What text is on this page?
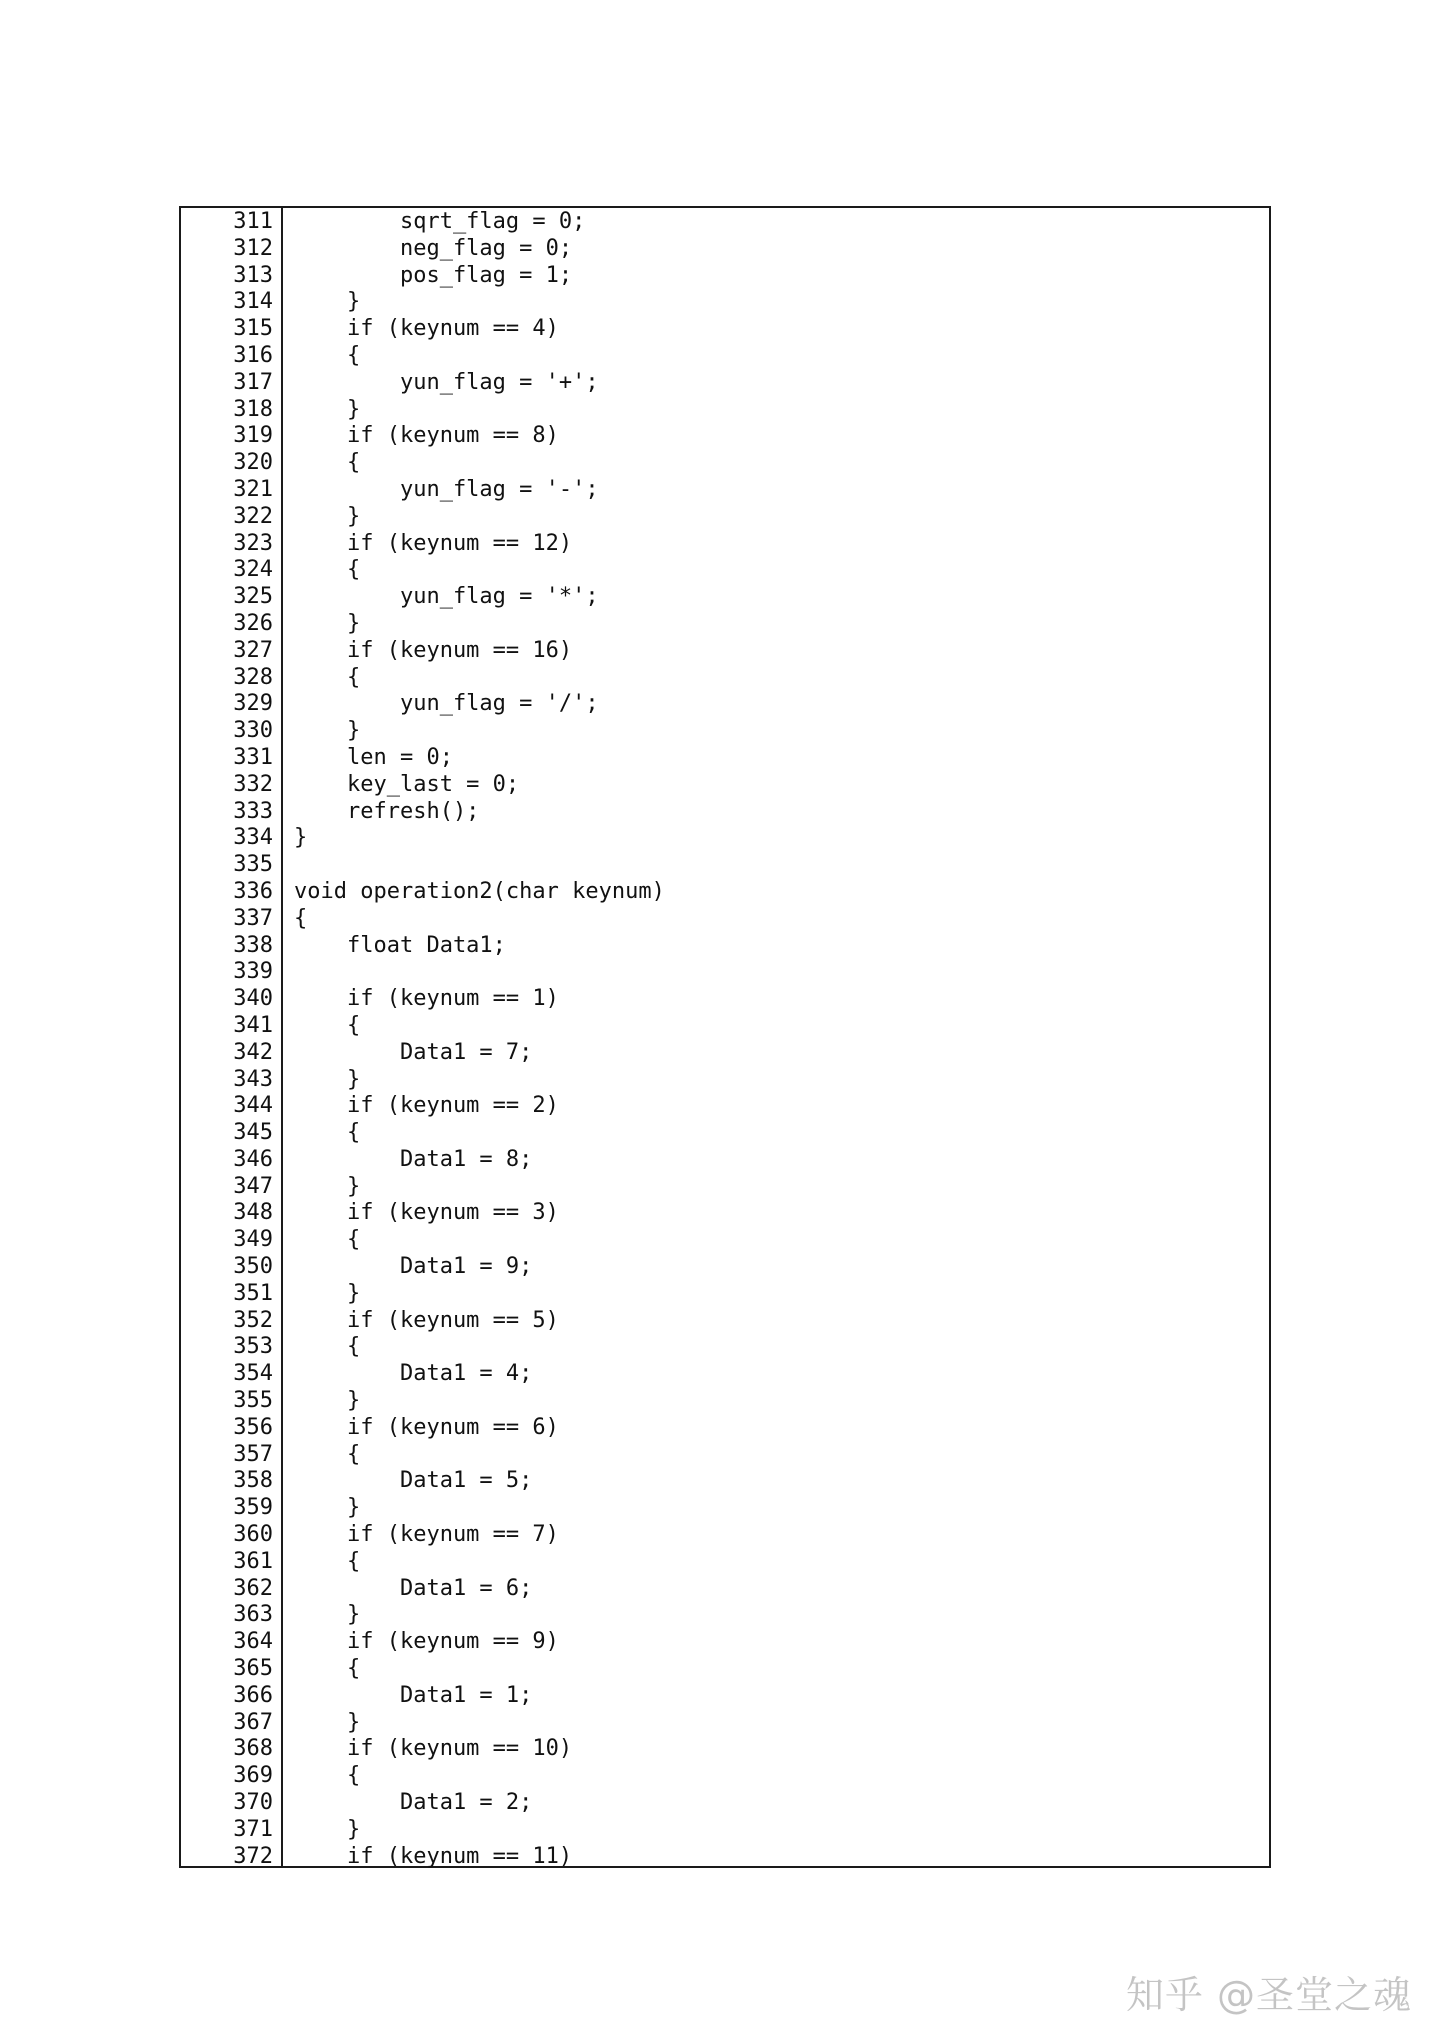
311 sqrt_flag = 0;
312 neg_flag = 0;
313 pos_flag = 1;
314 }
315 if (keynum == 4)
316 {
317 yun_flag = '+';
318 }
319 if (keynum == 8)
320 {
321 yun_flag = '-';
322 }
323 if (keynum == 12)
324 {
325 yun_flag = '*';
326 }
327 if (keynum == 16)
328 {
329 yun_flag = '/';
330 }
331 len = 0;
332 key_last = 0;
333 refresh();
334 }
335
336 void operation2(char keynum)
337 {
338 float Data1;
339
340 if (keynum == 1)
341 {
342 Data1 = 7;
343 }
344 if (keynum == 2)
345 {
346 Data1 = 8;
347 }
348 if (keynum == 3)
349 {
350 Data1 = 9;
351 }
352 if (keynum == 5)
353 {
354 Data1 = 4;
355 }
356 if (keynum == 6)
357 {
358 Data1 = 5;
359 }
360 if (keynum == 7)
361 {
362 Data1 = 6;
363 }
364 if (keynum == 9)
365 {
366 Data1 = 1;
367 }
368 if (keynum == 10)
369 {
370 Data1 = 2;
371 }
372 if (keynum == 11)
知乎 @圣堂之魂
